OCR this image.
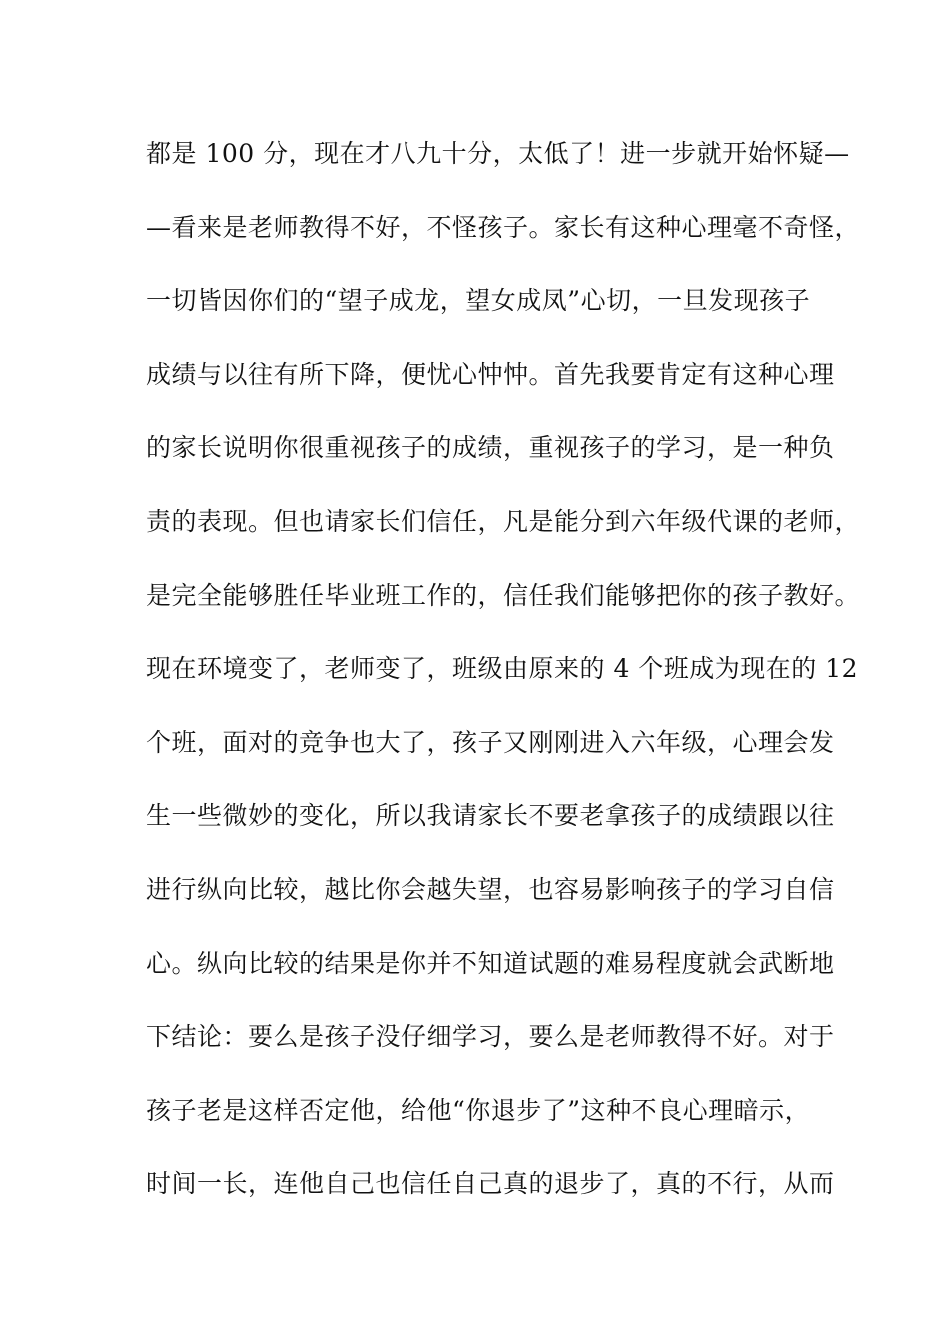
都是 100 分，现在才八九十分，太低了！进一步就开始怀疑—
—看来是老师教得不好，不怪孩子。家长有这种心理毫不奇怪，
一切皆因你们的“望子成龙，望女成凤”心切，一旦发现孩子
成绩与以往有所下降，便忧心忡忡。首先我要肯定有这种心理
的家长说明你很重视孩子的成绩，重视孩子的学习，是一种负
责的表现。但也请家长们信任，凡是能分到六年级代课的老师，
是完全能够胜任毕业班工作的，信任我们能够把你的孩子教好。
现在环境变了，老师变了，班级由原来的 4 个班成为现在的 12
个班，面对的竞争也大了，孩子又刚刚进入六年级，心理会发
生一些微妙的变化，所以我请家长不要老拿孩子的成绩跟以往
进行纵向比较，越比你会越失望，也容易影响孩子的学习自信
心。纵向比较的结果是你并不知道试题的难易程度就会武断地
下结论：要么是孩子没仔细学习，要么是老师教得不好。对于
孩子老是这样否定他，给他“你退步了”这种不良心理暗示，
时间一长，连他自己也信任自己真的退步了，真的不行，从而
